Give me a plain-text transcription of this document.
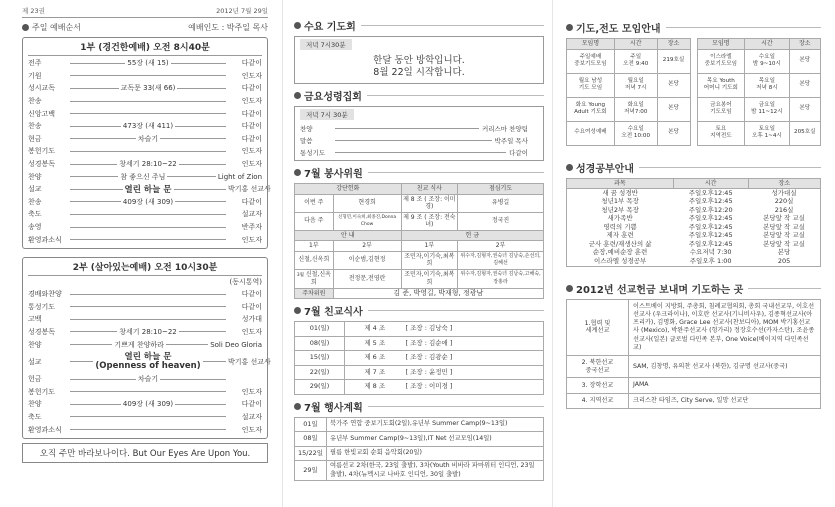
제 23권	2012년 7월 29일
주일 예배순서	예배인도 : 박주일 목사
1부 (경건한예배) 오전 8시40분
전주	55장 (새 15)	다같이
기원	인도자
성시교독	교독문 33(새 66)	다같이
찬송	인도자
신앙고백	다같이
찬송	473장 (새 411)	다같이
현금	차슬기	다같이
봉헌기도	인도자
성경봉독	창세기 28:10~22	인도자
찬양	참 좋으신 주님	Light of Zion
설교	열린 하늘 문	박기홍 선교사
찬송	409장 (새 309)	다같이
축도	설교자
송영	반주자
환영과소식	인도자
2부 (살아있는예배) 오전 10시30분
(동시통역)
경배와찬양	다같이
통성기도	다같이
고백	성가대
성경봉독	창세기 28:10~22	인도자
찬양	기쁘게 찬양하라	Soli Deo Gloria
설교	열린 하늘 문
(Openness of heaven)	박기홍 선교사
헌금	차슬기
봉헌기도	인도자
찬양	409장 (새 309)	다같이
축도	설교자
환영과소식	인도자
오직 주만 바라보나이다. But Our Eyes Are Upon You.
수요 기도회
저녁 7시30분
한달 동안 방학입니다.
8월 22일 시작합니다.
금요성령집회
저녁 7시 30분
찬양	커리스마 찬양팀
말씀	박주일 목사
통성기도	다같이
7월 봉사위원
강단헌화		친교 식사	점심기도
이번 주	현경희	제 8 조 ( 조장: 이미경)	유병길
다음 주	신형민,이숙희,최종진,Donna Chow	제 9 조 ( 조장: 전숙녀)	정국진
안 내		헌 금	
1부	2부	1부	2부
신철,신옥희	이순범,김현정	조민자,이기숙,최복희	위수자,김형자,권숙녀 김낭숙,손선의,김혜선
3월 신철,신옥희	전정문,전영란	조민자,이기숙,최복희	위수자,김형자,권숙녀 김낭숙,고해숙,장홍라
주차위원	김 준, 박영길, 박재형, 정광남		
7월 친교식사
01(일)	제 4 조	[ 조장 : 김낭숙 ]
08(일)	제 5 조	[ 조장 : 김순애 ]
15(일)	제 6 조	[ 조장 : 김광순 ]
22(일)	제 7 조	[ 조장 : 윤정민 ]
29(일)	제 8 조	[ 조장 : 이미경 ]
7월 행사계획
01일	북가주 연합 중보기도회(2일),유년부 Summer Camp(9~13일)
08일	유년부 Summer Camp(9~13일),IT Net 선교모임(14일)
15/22일	필름 한빛교회 순회 음악회(20일)
29일	여름선교 2차(한국, 23일 출발), 3차(Youth 비바라 파마위터 인디언, 23일 출발), 4차(뉴멕시코 나바호 인디언, 30일 출발)
기도,전도 모임안내
모임명	시간	장소
주일예배
중보기도모임	주일
오전 9:40	219호실
월요 남성
기도 모임	월요일
저녁 7시	본당
화요 Young
Adult 기도회	화요일
저녁7:00	본당
수요여성예배	수요일
오전 10:00	본당
모임명	시간	장소
이스라엘
중보기도모임	수요일
밤 9~10시	본당
목요 Youth
어머니 기도회	목요일
저녁 8시	본당
금요봉어
기도모임	금요일
밤 11~12시	본당
토요
지역전도	토요일
오후 1~4시	205호실
성경공부안내
과목	시간	장소
새 꿈 성경반	주일오후12:45	성가대실
청년1부 목장	주일오후12:45	220실
청년2부 목장	주일오후12:20	216실
새가족반	주일오후12:45	본당앞 작 교실
영력의 기쁨	주일오후12:45	본당앞 작 교실
제자 훈련	주일오후12:45	본당앞 작 교실
군사 훈련/재생산의 삶	주일오후12:45	본당앞 작 교실
순장,예비순장 훈련	수요저녁 7:30	본당
이스라엘 성경공부	주일오후 1:00	205
2012년 선교헌금 보내며 기도하는 곳
1.협력 및
세계선교	이스트베이 지방회, 주총회, 침례교협의회, 총회 국내선교부, 이호선선교사 (우크라이나), 이호란 선교사(기니비사우), 김종혁선교사(아프리카), 김명화, Grace Lee 선교사(찬보디아), MOM 박기홍선교사 (Mexico), 박완주선교사 (헝가리) 정장호수선(카자스탄), 조윤종 선교사(일본) 글로벌 다민족 본부, One Voice(베이지역 다민족선교)
2. 북한선교
중국선교	SAM, 김창명, 유의찬 선교사 (북한), 김규명 선교사(중국)
3. 장학선교	JAMA
4. 지역선교	크리스찬 타임즈, City Serve, 일망 선교단
